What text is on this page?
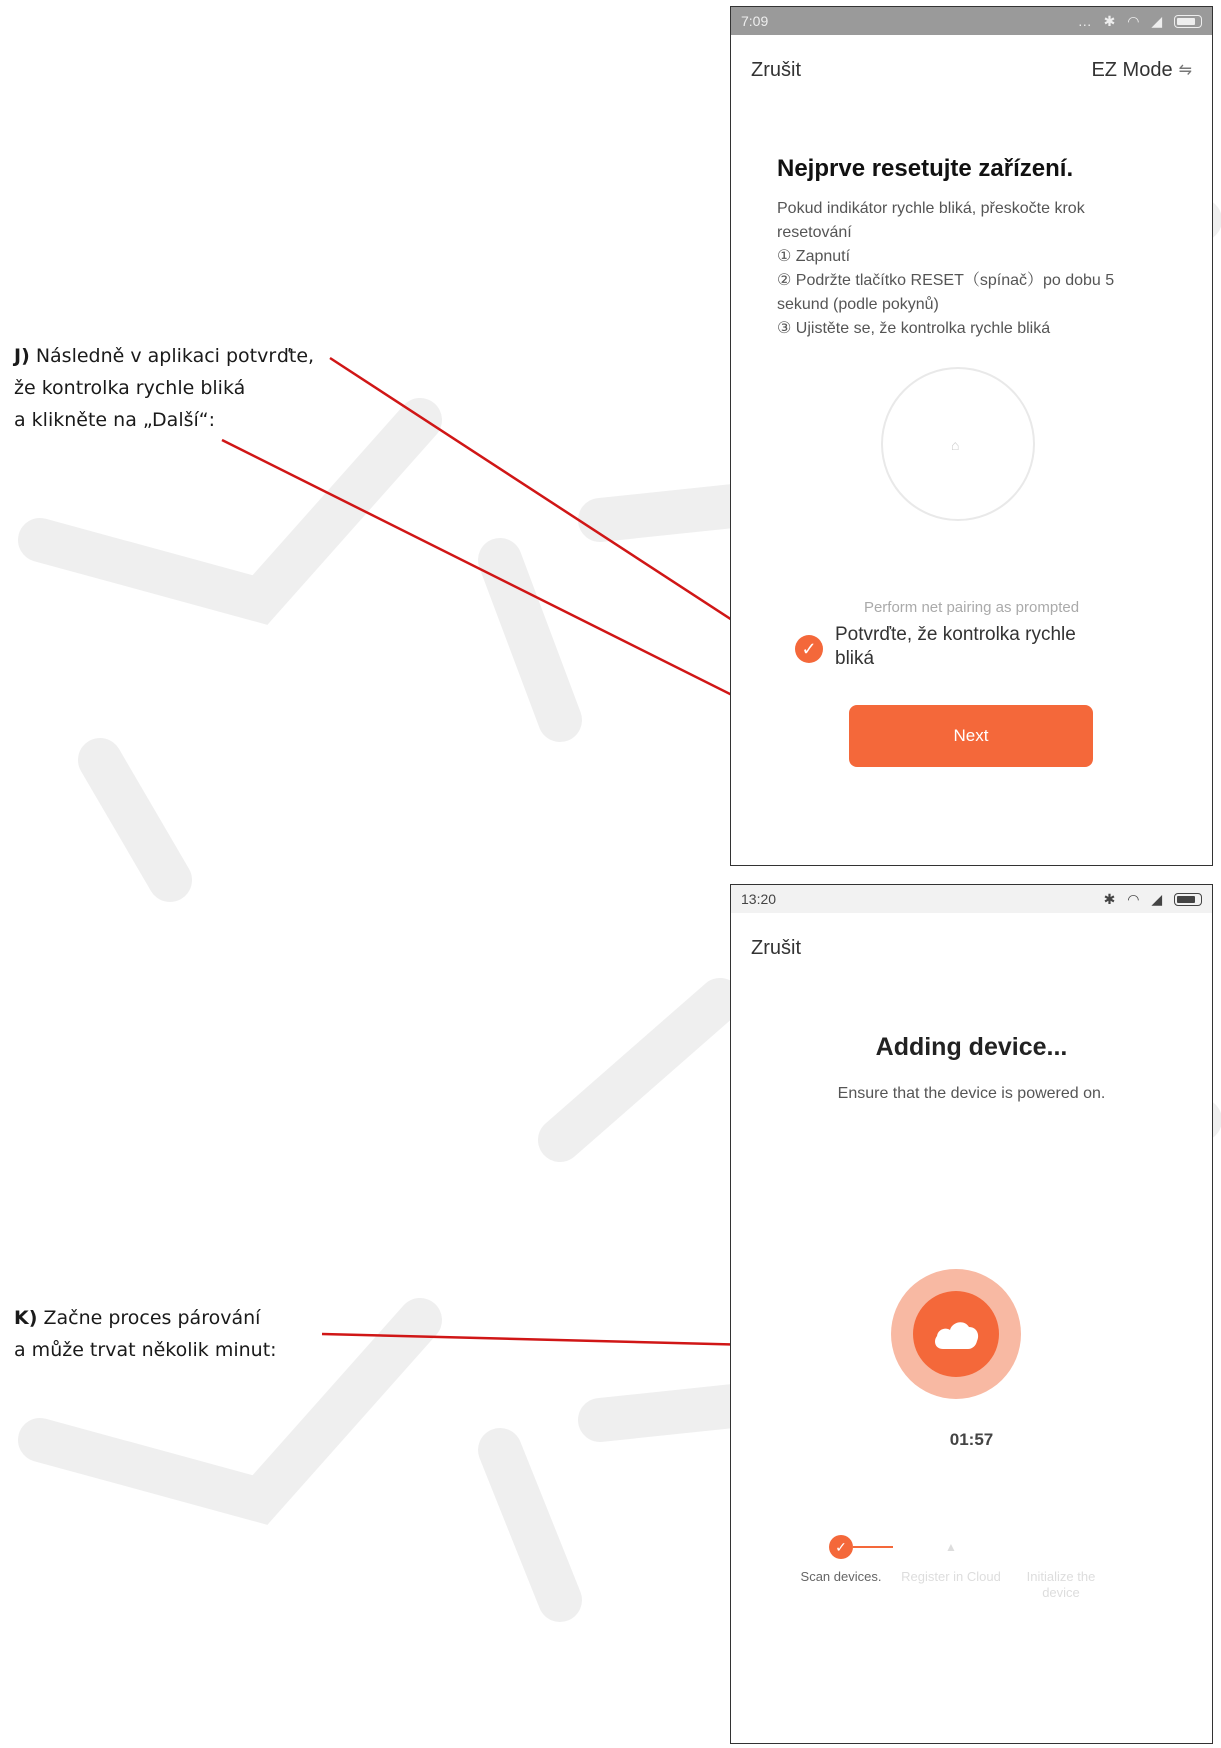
J) Následně v aplikaci potvrďte,
že kontrolka rychle bliká
a klikněte na „Další“:
K) Začne proces párování
a může trvat několik minut:
7:09	… ✱ ◠ ◢
Zrušit	EZ Mode ⇋
Nejprve resetujte zařízení.
Pokud indikátor rychle bliká, přeskočte krok resetování
① Zapnutí
② Podržte tlačítko RESET（spínač）po dobu 5 sekund (podle pokynů)
③ Ujistěte se, že kontrolka rychle bliká
⌂
Perform net pairing as prompted
✓
Potvrďte, že kontrolka rychle bliká
Next
13:20	✱ ◠ ◢
Zrušit
Adding device...
Ensure that the device is powered on.
01:57
✓
Scan devices.
▲
Register in Cloud	Initialize the device
